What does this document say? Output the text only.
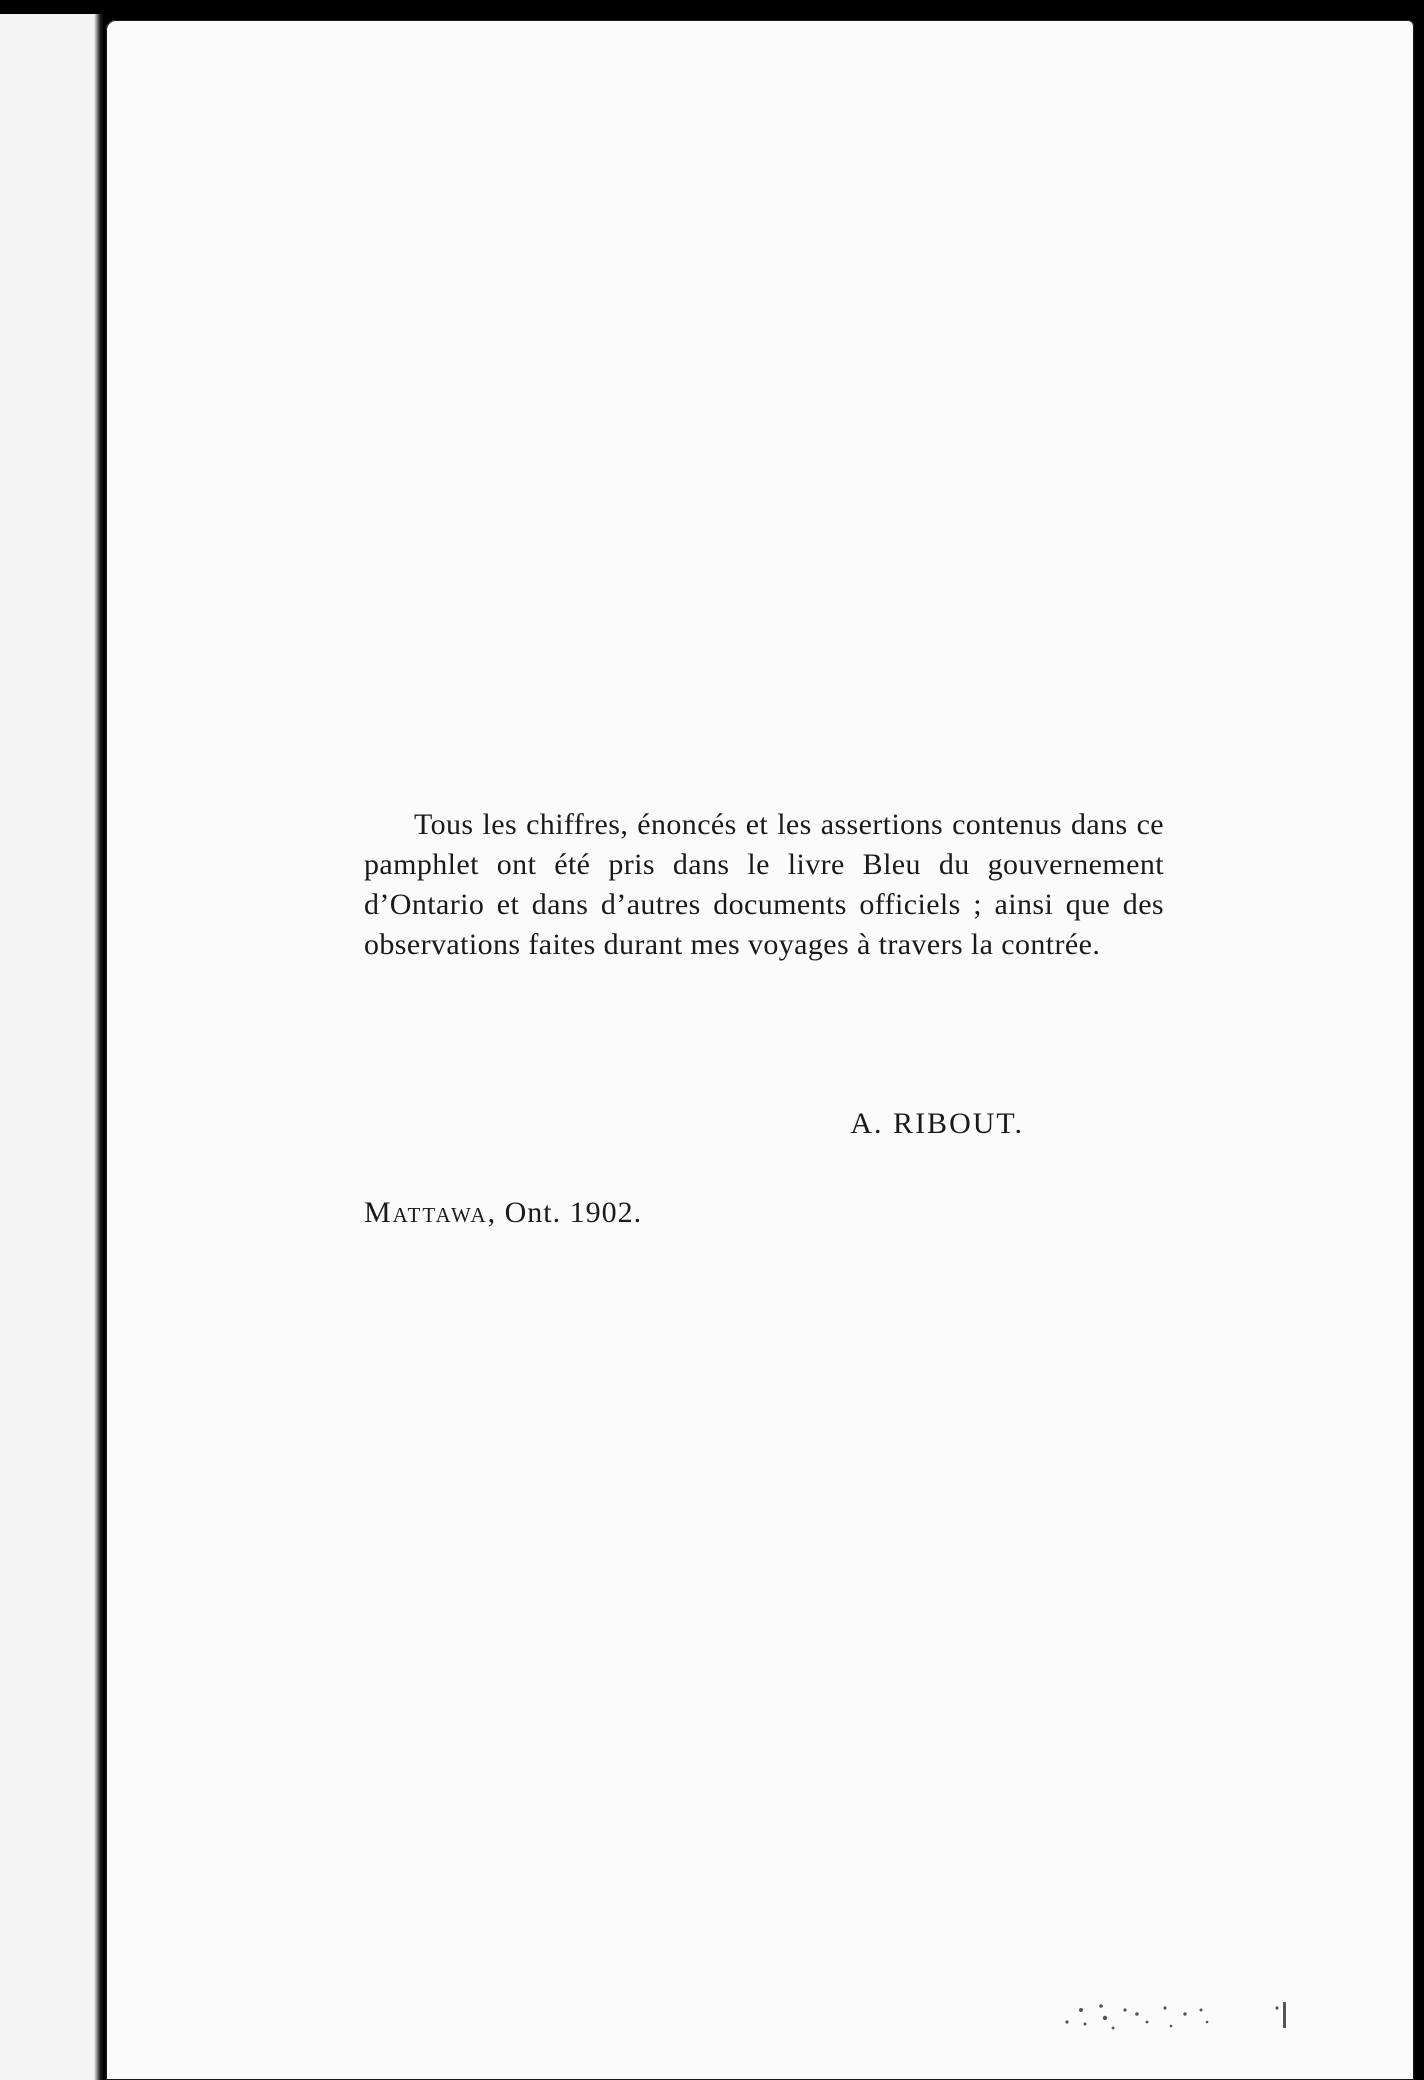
Tous les chiffres, énoncés et les assertions contenus dans ce pamphlet ont été pris dans le livre Bleu du gouvernement d’Ontario et dans d’autres documents officiels ; ainsi que des observations faites durant mes voyages à travers la contrée.

A. RIBOUT.
Mattawa, Ont. 1902.
